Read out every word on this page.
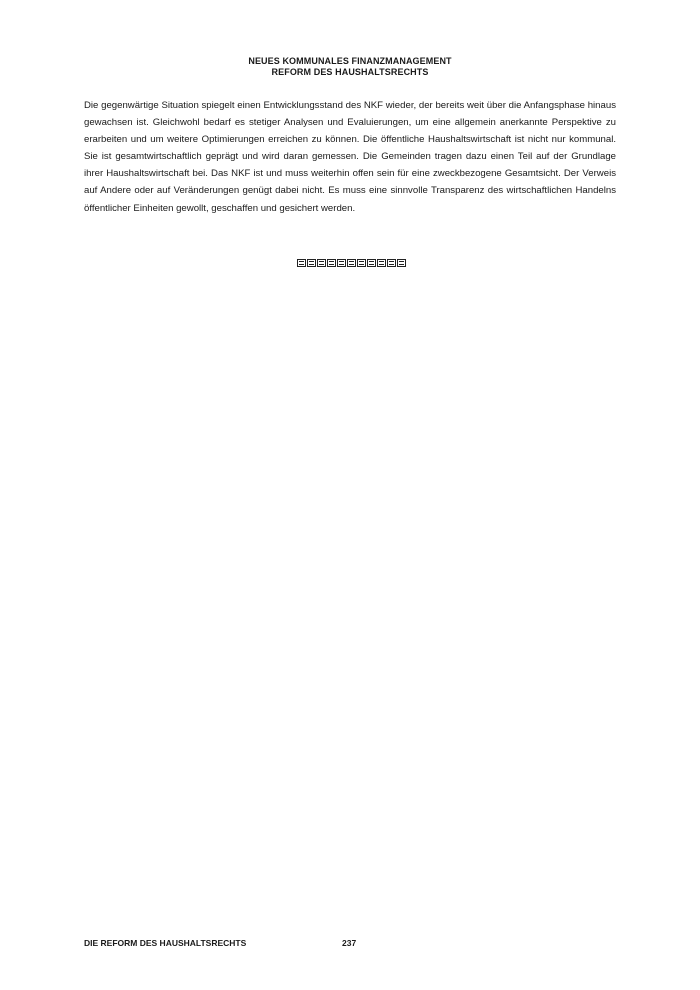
NEUES KOMMUNALES FINANZMANAGEMENT
REFORM DES HAUSHALTSRECHTS

Die gegenwärtige Situation spiegelt einen Entwicklungsstand des NKF wieder, der bereits weit über die Anfangsphase hinaus gewachsen ist. Gleichwohl bedarf es stetiger Analysen und Evaluierungen, um eine allgemein anerkannte Perspektive zu erarbeiten und um weitere Optimierungen erreichen zu können. Die öffentliche Haushaltswirtschaft ist nicht nur kommunal. Sie ist gesamtwirtschaftlich geprägt und wird daran gemessen. Die Gemeinden tragen dazu einen Teil auf der Grundlage ihrer Haushaltswirtschaft bei. Das NKF ist und muss weiterhin offen sein für eine zweckbezogene Gesamtsicht. Der Verweis auf Andere oder auf Veränderungen genügt dabei nicht. Es muss eine sinnvolle Transparenz des wirtschaftlichen Handelns öffentlicher Einheiten gewollt, geschaffen und gesichert werden.

DIE REFORM DES HAUSHALTSRECHTS	237
